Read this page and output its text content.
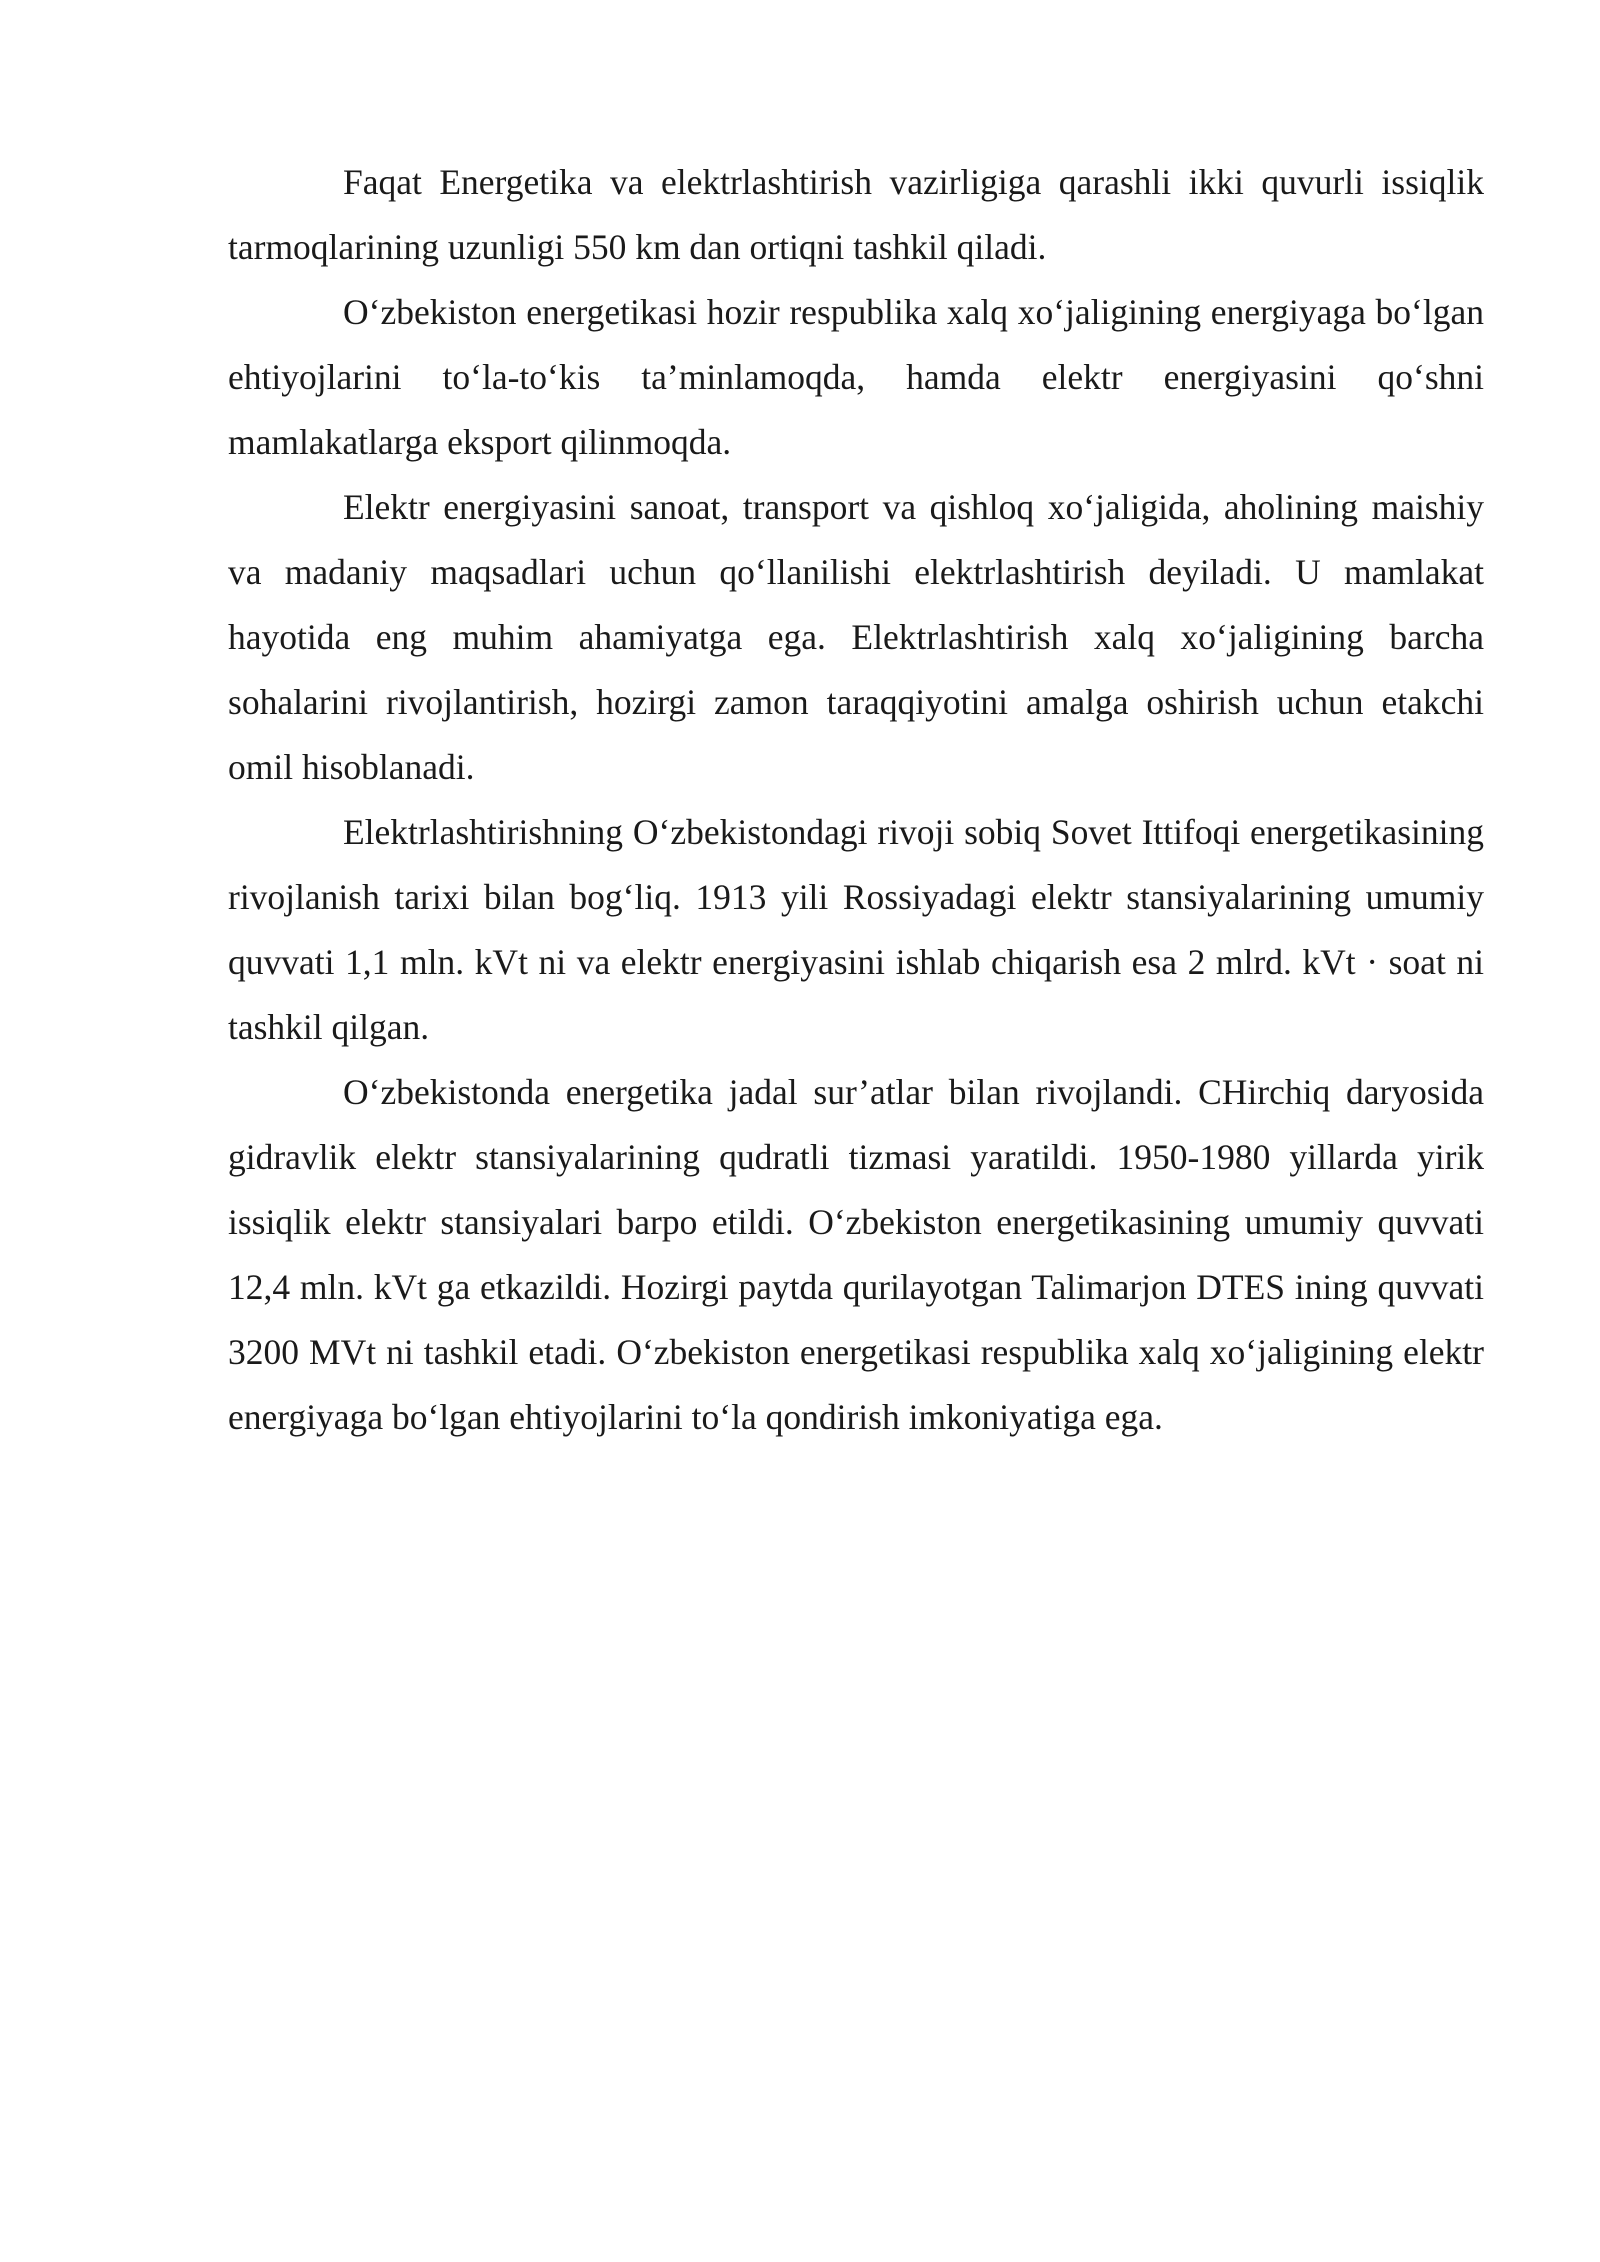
Faqat Energetika va elektrlashtirish vazirligiga qarashli ikki quvurli issiqlik tarmoqlarining uzunligi 550 km dan ortiqni tashkil qiladi.

O‘zbekiston energetikasi hozir respublika xalq xo‘jaligining energiyaga bo‘lgan ehtiyojlarini to‘la-to‘kis ta’minlamoqda, hamda elektr energiyasini qo‘shni mamlakatlarga eksport qilinmoqda.

Elektr energiyasini sanoat, transport va qishloq xo‘jaligida, aholining maishiy va madaniy maqsadlari uchun qo‘llanilishi elektrlashtirish deyiladi. U mamlakat hayotida eng muhim ahamiyatga ega. Elektrlashtirish xalq xo‘jaligining barcha sohalarini rivojlantirish, hozirgi zamon taraqqiyotini amalga oshirish uchun etakchi omil hisoblanadi.

Elektrlashtirishning O‘zbekistondagi rivoji sobiq Sovet Ittifoqi energetikasining rivojlanish tarixi bilan bog‘liq. 1913 yili Rossiyadagi elektr stansiyalarining umumiy quvvati 1,1 mln. kVt ni va elektr energiyasini ishlab chiqarish esa 2 mlrd. kVt · soat ni tashkil qilgan.

O‘zbekistonda energetika jadal sur’atlar bilan rivojlandi. CHirchiq daryosida gidravlik elektr stansiyalarining qudratli tizmasi yaratildi. 1950-1980 yillarda yirik issiqlik elektr stansiyalari barpo etildi. O‘zbekiston energetikasining umumiy quvvati 12,4 mln. kVt ga etkazildi. Hozirgi paytda qurilayotgan Talimarjon DTES ining quvvati 3200 MVt ni tashkil etadi. O‘zbekiston energetikasi respublika xalq xo‘jaligining elektr energiyaga bo‘lgan ehtiyojlarini to‘la qondirish imkoniyatiga ega.
